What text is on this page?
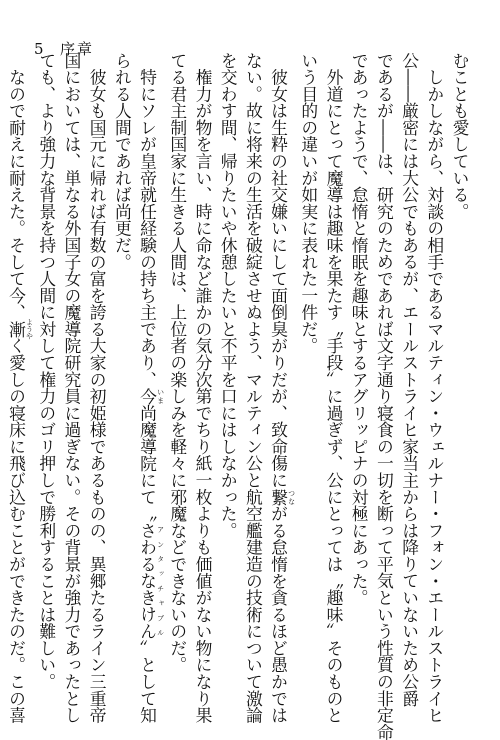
5 序章

むことも愛している。

　しかしながら、対談の相手であるマルティン・ウェルナー・フォン・エールストライヒ

公――厳密には大公でもあるが、エールストライヒ家当主からは降りていないため公爵

であるが――は、研究のためであれば文字通り寝食の一切を断って平気という性質の非定命

であったようで、怠惰と惰眠を趣味とするアグリッピナの対極にあった。

　外道にとって魔導は趣味を果たす〝手段〟に過ぎず、公にとっては〝趣味〟そのものと

いう目的の違いが如実に表れた一件だ。

　彼女は生粋の社交嫌いにして面倒臭がりだが、致命傷に繋 つながる怠惰を貪るほど愚かでは

ない。故に将来の生活を破綻させぬよう、マルティン公と航空艦建造の技術について激論

を交わす間、帰りたいや休憩したいと不平を口にはしなかった。

　権力が物を言い、時に命など誰かの気分次第でちり紙一枚よりも価値がない物になり果

てる君主制国家に生きる人間は、上位者の楽しみを軽々に邪魔などできないのだ。

　特にソレが皇帝就任経験の持ち主であり、今 いま尚魔導院にて〝さわるなきけん アンタッチャブル〟として知

られる人間であれば尚更だ。

　彼女も国元に帰れば有数の富を誇る大家の初姫様であるものの、異郷たるライン三重帝

国においては、単なる外国子女の魔導院研究員に過ぎない。その背景が強力であったとし

ても、より強力な背景を持つ人間に対して権力のゴリ押しで勝利することは難しい。

　なので耐えに耐えた。そして今、漸 ようやく愛しの寝床に飛び込むことができたのだ。この喜
